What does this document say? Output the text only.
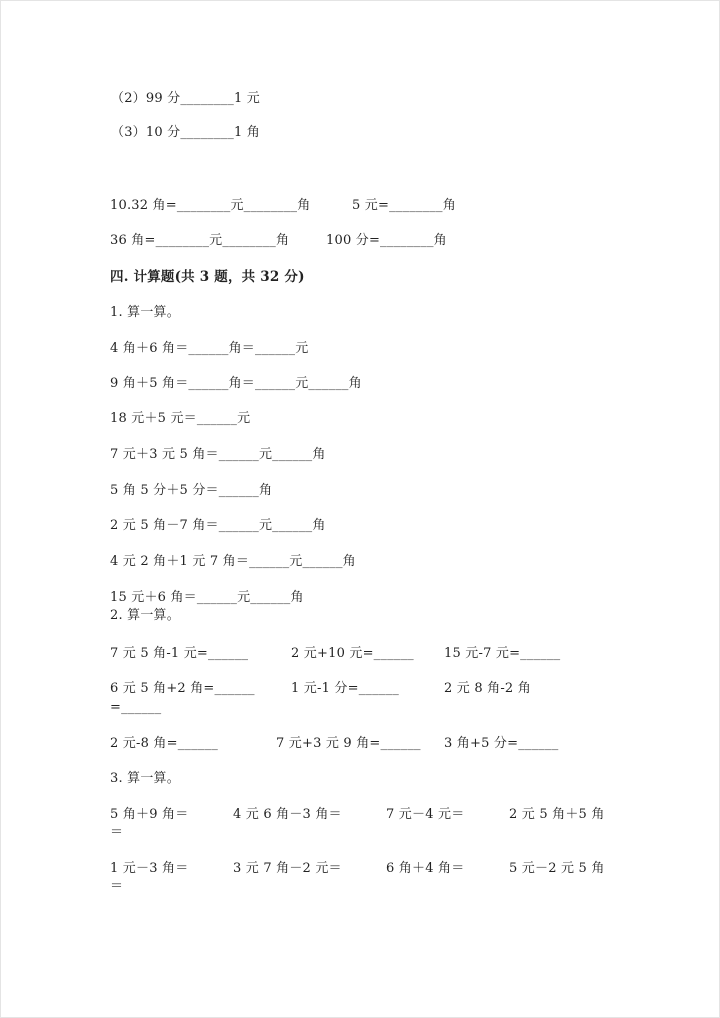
（2）99 分________1 元
（3）10 分________1 角
10.32 角=________元________角	5 元=________角
36 角=________元________角	100 分=________角
四. 计算题(共 3 题，共 32 分)
1. 算一算。
4 角＋6 角＝______角＝______元
9 角＋5 角＝______角＝______元______角
18 元＋5 元＝______元
7 元＋3 元 5 角＝______元______角
5 角 5 分＋5 分＝______角
2 元 5 角－7 角＝______元______角
4 元 2 角＋1 元 7 角＝______元______角
15 元＋6 角＝______元______角
2. 算一算。
7 元 5 角-1 元=______	2 元+10 元=______ 15 元-7 元=______
6 元 5 角+2 角=______	1 元-1 分=______	2 元 8 角-2 角
=______
2 元-8 角=______	7 元+3 元 9 角=______ 3 角+5 分=______
3. 算一算。
5 角＋9 角＝	4 元 6 角－3 角＝	7 元－4 元＝	2 元 5 角＋5 角
＝
1 元－3 角＝	3 元 7 角－2 元＝	6 角＋4 角＝	5 元－2 元 5 角
＝
